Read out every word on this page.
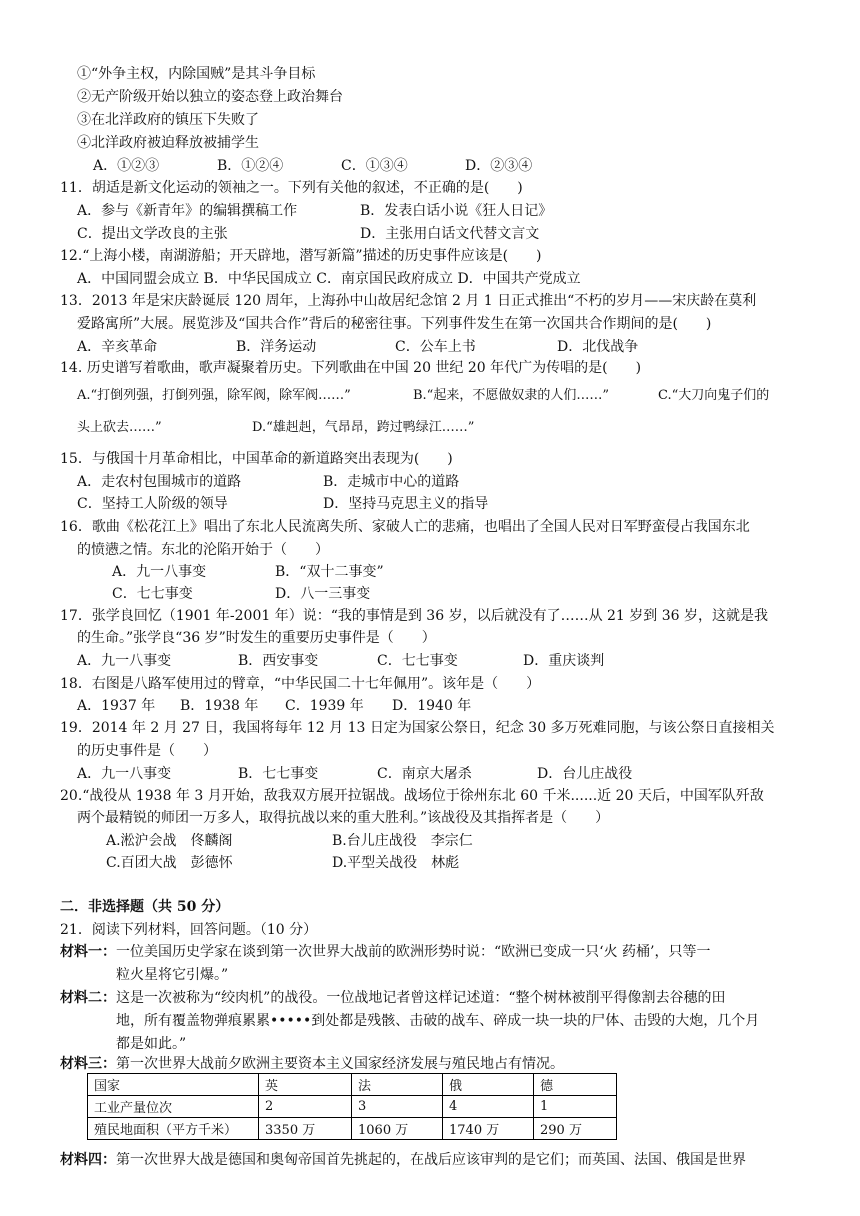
①“外争主权，内除国贼”是其斗争目标
②无产阶级开始以独立的姿态登上政治舞台
③在北洋政府的镇压下失败了
④北洋政府被迫释放被捕学生
A．①②③	B．①②④	C．①③④	D．②③④
11．胡适是新文化运动的领袖之一。下列有关他的叙述，不正确的是(　　)
A．参与《新青年》的编辑撰稿工作	B．发表白话小说《狂人日记》
C．提出文学改良的主张	D．主张用白话文代替文言文
12.“上海小楼，南湖游船；开天辟地，潜写新篇”描述的历史事件应该是(　　)
A．中国同盟会成立 B．中华民国成立 C．南京国民政府成立 D．中国共产党成立
13．2013 年是宋庆龄诞辰 120 周年，上海孙中山故居纪念馆 2 月 1 日正式推出“不朽的岁月——宋庆龄在莫利
爱路寓所”大展。展览涉及“国共合作”背后的秘密往事。下列事件发生在第一次国共合作期间的是(　　)
A．辛亥革命	B．洋务运动	C．公车上书	D．北伐战争
14. 历史谱写着歌曲，歌声凝聚着历史。下列歌曲在中国 20 世纪 20 年代广为传唱的是(　　)
A.“打倒列强，打倒列强，除军阀，除军阀……”	B.“起来，不愿做奴隶的人们……”	C.“大刀向鬼子们的
头上砍去……”	D.“雄赳赳，气昂昂，跨过鸭绿江……”
15．与俄国十月革命相比，中国革命的新道路突出表现为(　　)
A．走农村包围城市的道路	B．走城市中心的道路
C．坚持工人阶级的领导	D．坚持马克思主义的指导
16．歌曲《松花江上》唱出了东北人民流离失所、家破人亡的悲痛，也唱出了全国人民对日军野蛮侵占我国东北
的愤懑之情。东北的沦陷开始于（　　）
A．九一八事变	B．“双十二事变”
C．七七事变	D．八一三事变
17．张学良回忆（1901 年-2001 年）说：“我的事情是到 36 岁，以后就没有了……从 21 岁到 36 岁，这就是我
的生命。”张学良“36 岁”时发生的重要历史事件是（　　）
A．九一八事变	B．西安事变	C．七七事变	D．重庆谈判
18．右图是八路军使用过的臂章，“中华民国二十七年佩用”。该年是（　　）
A．1937 年 B．1938 年 C．1939 年 D．1940 年
19．2014 年 2 月 27 日，我国将每年 12 月 13 日定为国家公祭日，纪念 30 多万死难同胞，与该公祭日直接相关
的历史事件是（　　）
A．九一八事变	B．七七事变	C．南京大屠杀	D．台儿庄战役
20.“战役从 1938 年 3 月开始，敌我双方展开拉锯战。战场位于徐州东北 60 千米......近 20 天后，中国军队歼敌
两个最精锐的师团一万多人，取得抗战以来的重大胜利。”该战役及其指挥者是（　　）
A.淞沪会战　佟麟阁	B.台儿庄战役　李宗仁
C.百团大战　彭德怀	D.平型关战役　林彪
二．非选择题（共 50 分）
21．阅读下列材料，回答问题。（10 分）
材料一：一位美国历史学家在谈到第一次世界大战前的欧洲形势时说：“欧洲已变成一只‘火 药桶’，只等一
粒火星将它引爆。”
材料二：这是一次被称为“绞肉机”的战役。一位战地记者曾这样记述道：“整个树林被削平得像割去谷穗的田
地，所有覆盖物弹痕累累•••••到处都是残骸、击破的战车、碎成一块一块的尸体、击毁的大炮，几个月
都是如此。”
材料三：第一次世界大战前夕欧洲主要资本主义国家经济发展与殖民地占有情况。
国家	英	法	俄	德
工业产量位次	2	3	4	1
殖民地面积（平方千米）	3350 万	1060 万	1740 万	290 万
材料四：第一次世界大战是德国和奥匈帝国首先挑起的，在战后应该审判的是它们；而英国、法国、俄国是世界
